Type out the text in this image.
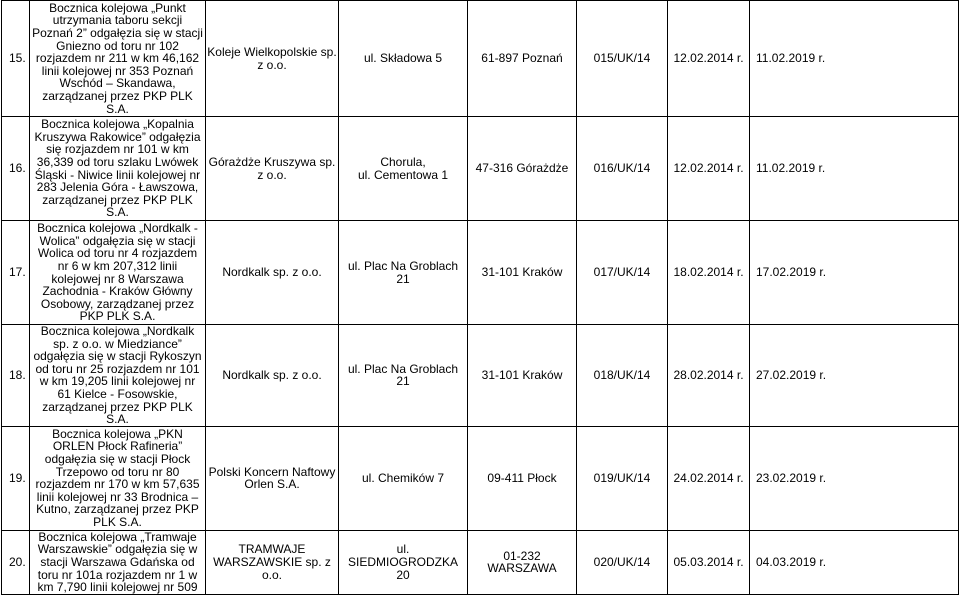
15.	Bocznica kolejowa „Punkt utrzymania taboru sekcji Poznań 2” odgałęzia się w stacji Gniezno od toru nr 102 rozjazdem nr 211 w km 46,162 linii kolejowej nr 353 Poznań Wschód – Skandawa, zarządzanej przez PKP PLK S.A.	Koleje Wielkopolskie sp. z o.o.	ul. Składowa 5	61-897 Poznań	015/UK/14	12.02.2014 r.	11.02.2019 r.
16.	Bocznica kolejowa „Kopalnia Kruszywa Rakowice” odgałęzia się rozjazdem nr 101 w km 36,339 od toru szlaku Lwówek Śląski - Niwice linii kolejowej nr 283 Jelenia Góra - Ławszowa, zarządzanej przez PKP PLK S.A.	Górażdże Kruszywa sp. z o.o.	Chorula,
ul. Cementowa 1	47-316 Górażdże	016/UK/14	12.02.2014 r.	11.02.2019 r.
17.	Bocznica kolejowa „Nordkalk - Wolica” odgałęzia się w stacji Wolica od toru nr 4 rozjazdem nr 6 w km 207,312 linii kolejowej nr 8 Warszawa Zachodnia - Kraków Główny Osobowy, zarządzanej przez PKP PLK S.A.	Nordkalk sp. z o.o.	ul. Plac Na Groblach
21	31-101 Kraków	017/UK/14	18.02.2014 r.	17.02.2019 r.
18.	Bocznica kolejowa „Nordkalk sp. z o.o. w Miedziance” odgałęzia się w stacji Rykoszyn od toru nr 25 rozjazdem nr 101 w km 19,205 linii kolejowej nr 61 Kielce - Fosowskie, zarządzanej przez PKP PLK S.A.	Nordkalk sp. z o.o.	ul. Plac Na Groblach
21	31-101 Kraków	018/UK/14	28.02.2014 r.	27.02.2019 r.
19.	Bocznica kolejowa „PKN ORLEN Płock Rafineria” odgałęzia się w stacji Płock Trzepowo od toru nr 80 rozjazdem nr 170 w km 57,635 linii kolejowej nr 33 Brodnica – Kutno, zarządzanej przez PKP PLK S.A.	Polski Koncern Naftowy Orlen S.A.	ul. Chemików 7	09-411 Płock	019/UK/14	24.02.2014 r.	23.02.2019 r.
20.	Bocznica kolejowa „Tramwaje Warszawskie” odgałęzia się w stacji Warszawa Gdańska od toru nr 101a rozjazdem nr 1 w km 7,790 linii kolejowej nr 509	TRAMWAJE WARSZAWSKIE sp. z o.o.	ul.
SIEDMIOGRODZKA
20	01-232 WARSZAWA	020/UK/14	05.03.2014 r.	04.03.2019 r.
